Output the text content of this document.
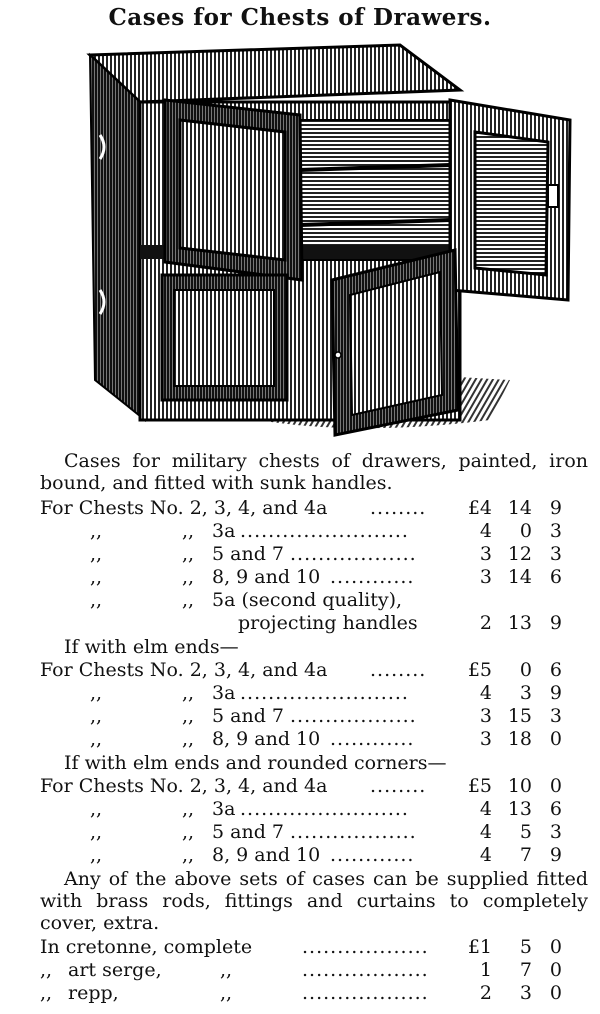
Cases for Chests of Drawers.
Cases for military chests of drawers, painted, iron bound, and fitted with sunk handles.
For Chests No. 2, 3, 4, and 4a ........	£4 14 9
,,	,, 3a ........................	4	0 3
,,	,, 5 and 7 ..................	3 12 3
,,	,, 8, 9 and 10 ............	3 14 6
,,	,, 5a (second quality),
projecting handles	2 13 9
If with elm ends—
For Chests No. 2, 3, 4, and 4a ........	£5	0 6
,,	,, 3a ........................	4	3 9
,,	,, 5 and 7 ..................	3 15 3
,,	,, 8, 9 and 10 ............	3 18 0
If with elm ends and rounded corners—
For Chests No. 2, 3, 4, and 4a ........	£5 10 0
,,	,, 3a ........................	4 13 6
,,	,, 5 and 7 ..................	4	5 3
,,	,, 8, 9 and 10 ............	4	7 9
Any of the above sets of cases can be supplied fitted with brass rods, fittings and curtains to completely cover, extra.
In cretonne, complete	..................	£1	5 0
,, art serge,	,,	..................	1	7 0
,, repp,	,,	..................	2	3 0
